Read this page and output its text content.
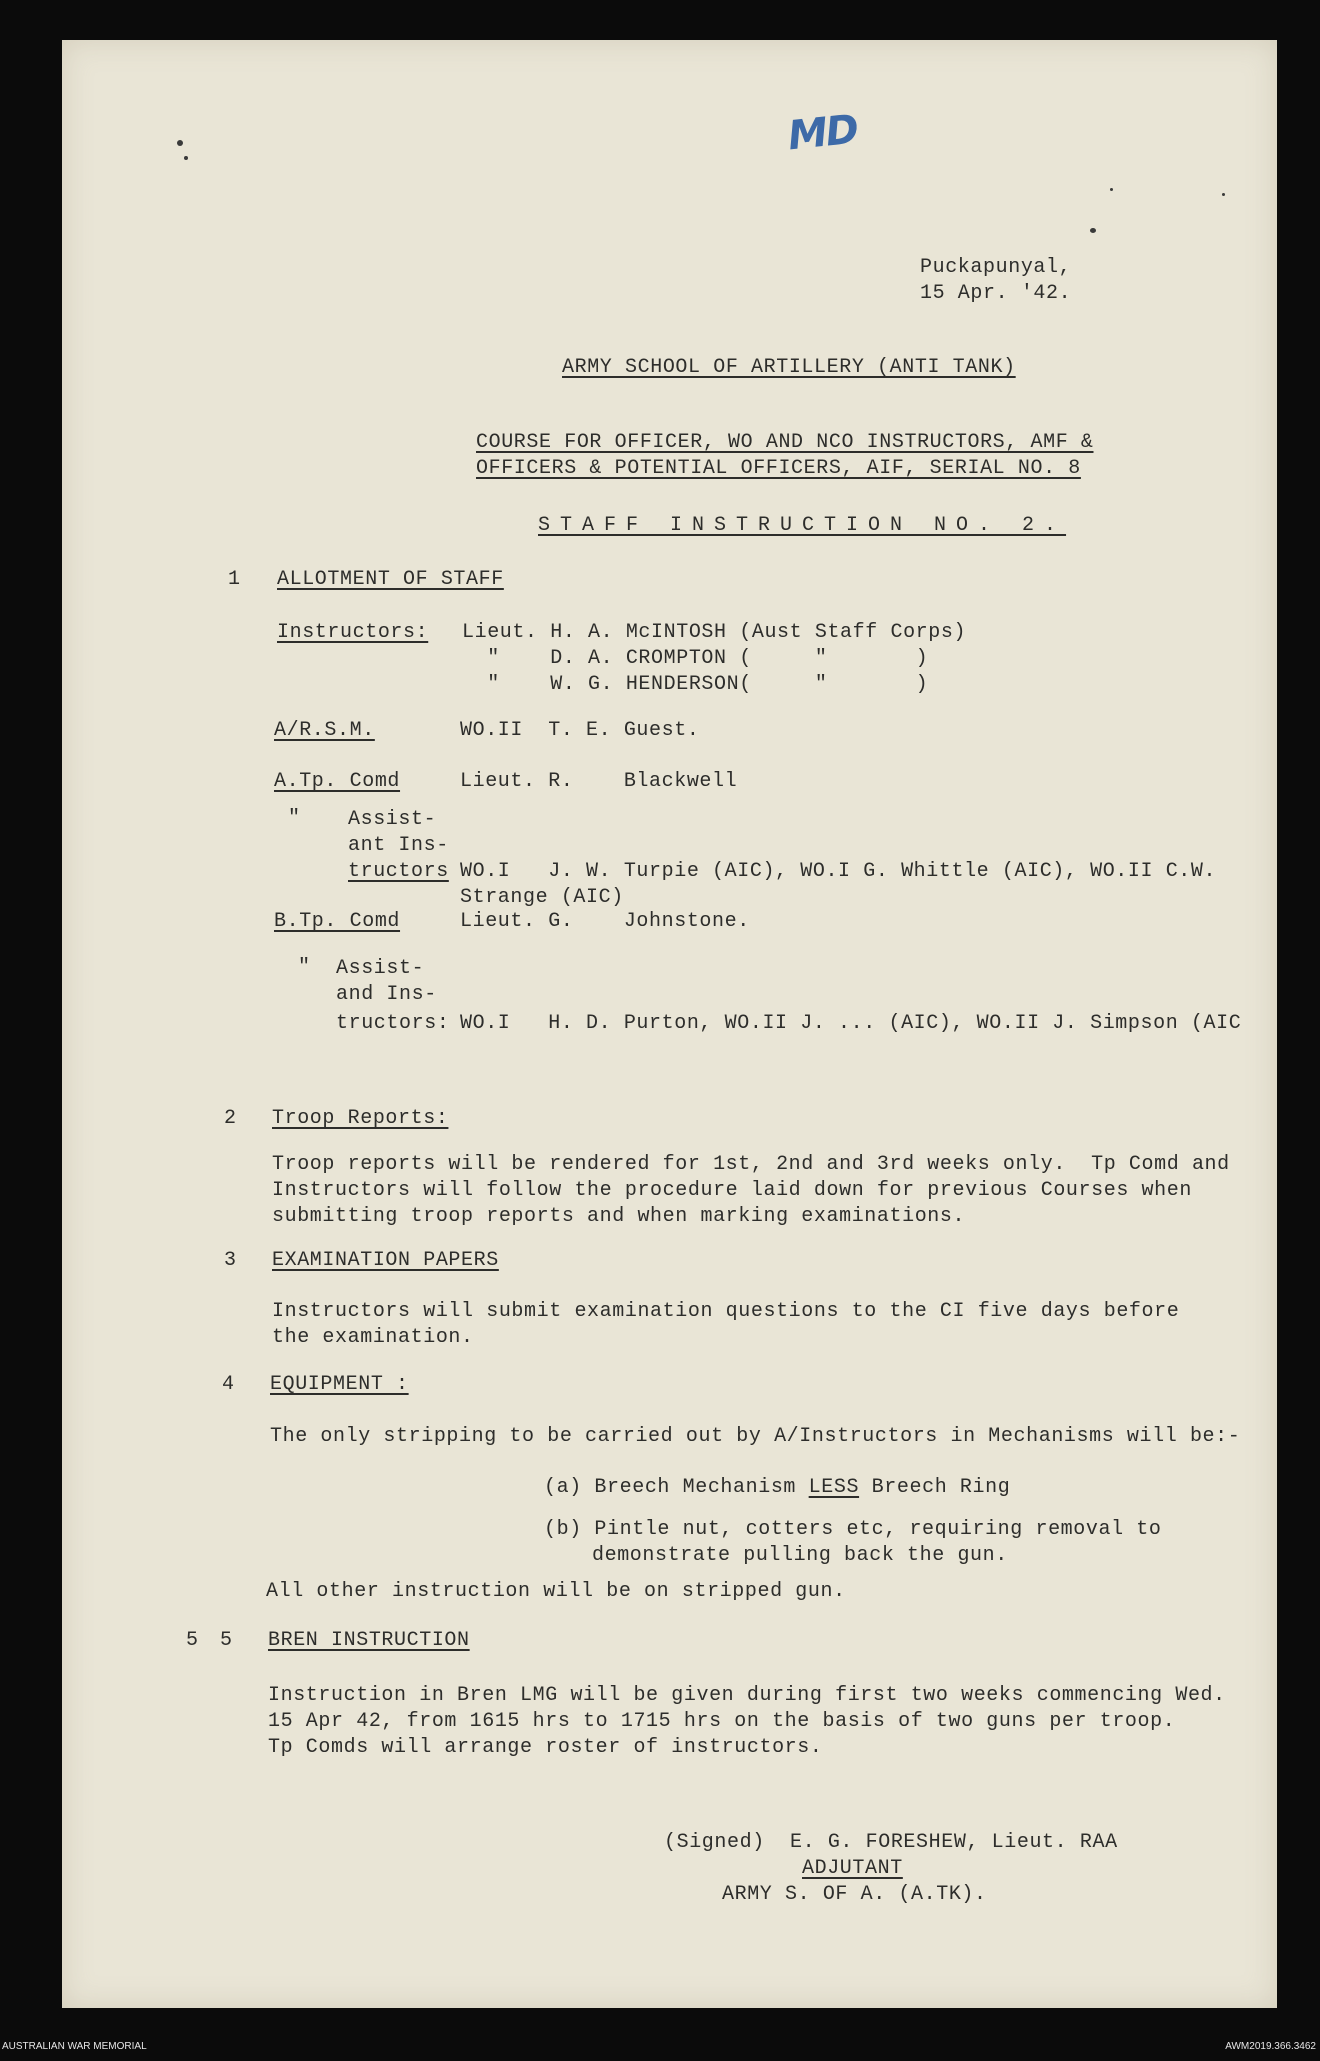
MD
Puckapunyal,
15 Apr. '42.
ARMY SCHOOL OF ARTILLERY (ANTI TANK)
COURSE FOR OFFICER, WO AND NCO INSTRUCTORS, AMF &
OFFICERS & POTENTIAL OFFICERS, AIF, SERIAL NO. 8
STAFF INSTRUCTION NO. 2.
1 ALLOTMENT OF STAFF
Instructors: Lieut. H. A. McINTOSH (Aust Staff Corps)
"    D. A. CROMPTON (     "       )
"    W. G. HENDERSON(     "       )
A/R.S.M.	WO.II  T. E. Guest.
A.Tp. Comd	Lieut. R.    Blackwell
" Assist-
ant Ins-
tructors WO.I   J. W. Turpie (AIC), WO.I G. Whittle (AIC), WO.II C.W.
Strange (AIC)
B.Tp. Comd	Lieut. G.    Johnstone.
" Assist-
and Ins-
tructors: WO.I   H. D. Purton, WO.II J. ... (AIC), WO.II J. Simpson (AIC
2 Troop Reports:
Troop reports will be rendered for 1st, 2nd and 3rd weeks only.  Tp Comd and
Instructors will follow the procedure laid down for previous Courses when
submitting troop reports and when marking examinations.
3 EXAMINATION PAPERS
Instructors will submit examination questions to the CI five days before
the examination.
4 EQUIPMENT :
The only stripping to be carried out by A/Instructors in Mechanisms will be:-
(a) Breech Mechanism LESS Breech Ring
(b) Pintle nut, cotters etc, requiring removal to
demonstrate pulling back the gun.
All other instruction will be on stripped gun.
5 5 BREN INSTRUCTION
Instruction in Bren LMG will be given during first two weeks commencing Wed.
15 Apr 42, from 1615 hrs to 1715 hrs on the basis of two guns per troop.
Tp Comds will arrange roster of instructors.
(Signed)  E. G. FORESHEW, Lieut. RAA
ADJUTANT
ARMY S. OF A. (A.TK).
AUSTRALIAN WAR MEMORIAL	AWM2019.366.3462
